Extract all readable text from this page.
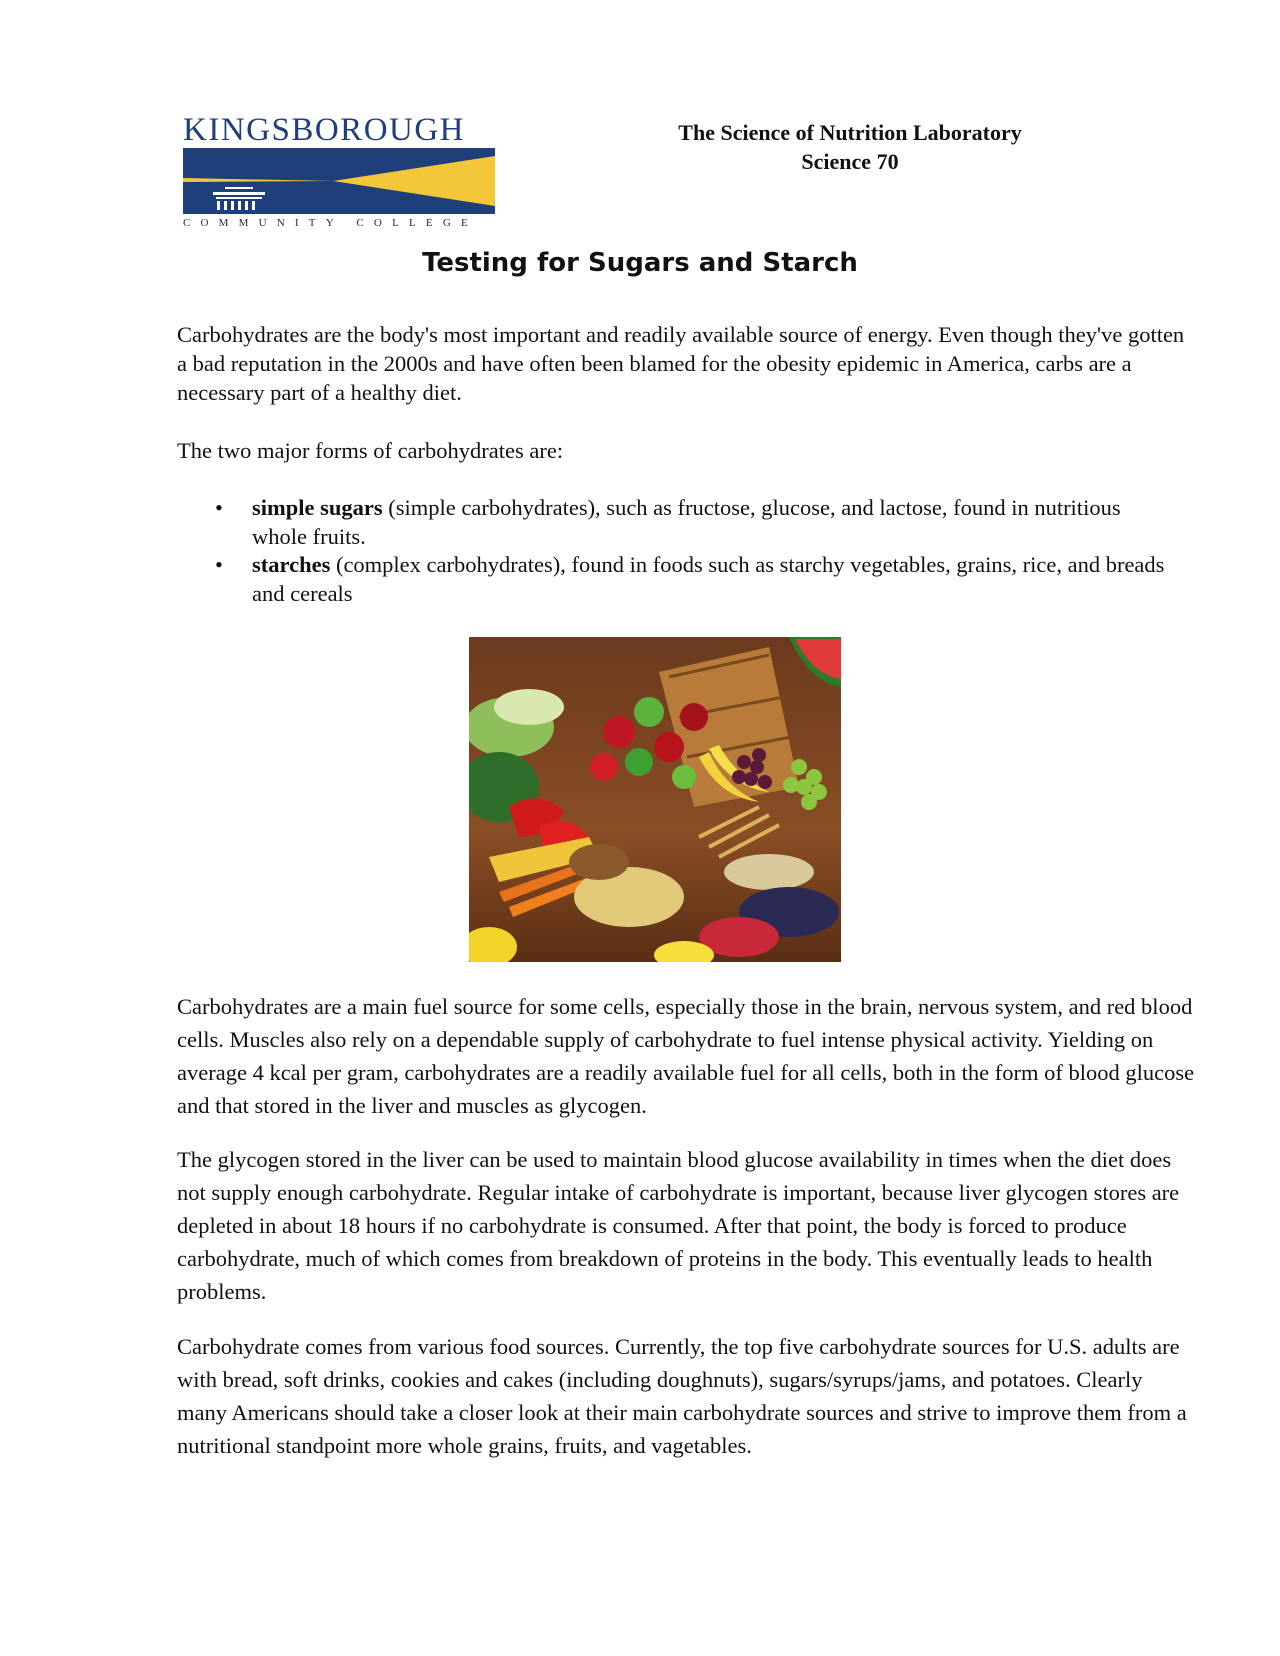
KINGSBOROUGH
COMMUNITY COLLEGE
The Science of Nutrition Laboratory
Science 70
Testing for Sugars and Starch

Carbohydrates are the body's most important and readily available source of energy. Even though they've gotten a bad reputation in the 2000s and have often been blamed for the obesity epidemic in America, carbs are a necessary part of a healthy diet.

The two major forms of carbohydrates are:

• simple sugars (simple carbohydrates), such as fructose, glucose, and lactose, found in nutritious whole fruits.
• starches (complex carbohydrates), found in foods such as starchy vegetables, grains, rice, and breads and cereals

Carbohydrates are a main fuel source for some cells, especially those in the brain, nervous system, and red blood cells. Muscles also rely on a dependable supply of carbohydrate to fuel intense physical activity. Yielding on average 4 kcal per gram, carbohydrates are a readily available fuel for all cells, both in the form of blood glucose and that stored in the liver and muscles as glycogen.

The glycogen stored in the liver can be used to maintain blood glucose availability in times when the diet does not supply enough carbohydrate. Regular intake of carbohydrate is important, because liver glycogen stores are depleted in about 18 hours if no carbohydrate is consumed. After that point, the body is forced to produce carbohydrate, much of which comes from breakdown of proteins in the body. This eventually leads to health problems.

Carbohydrate comes from various food sources. Currently, the top five carbohydrate sources for U.S. adults are with bread, soft drinks, cookies and cakes (including doughnuts), sugars/syrups/jams, and potatoes. Clearly many Americans should take a closer look at their main carbohydrate sources and strive to improve them from a nutritional standpoint more whole grains, fruits, and vagetables.
